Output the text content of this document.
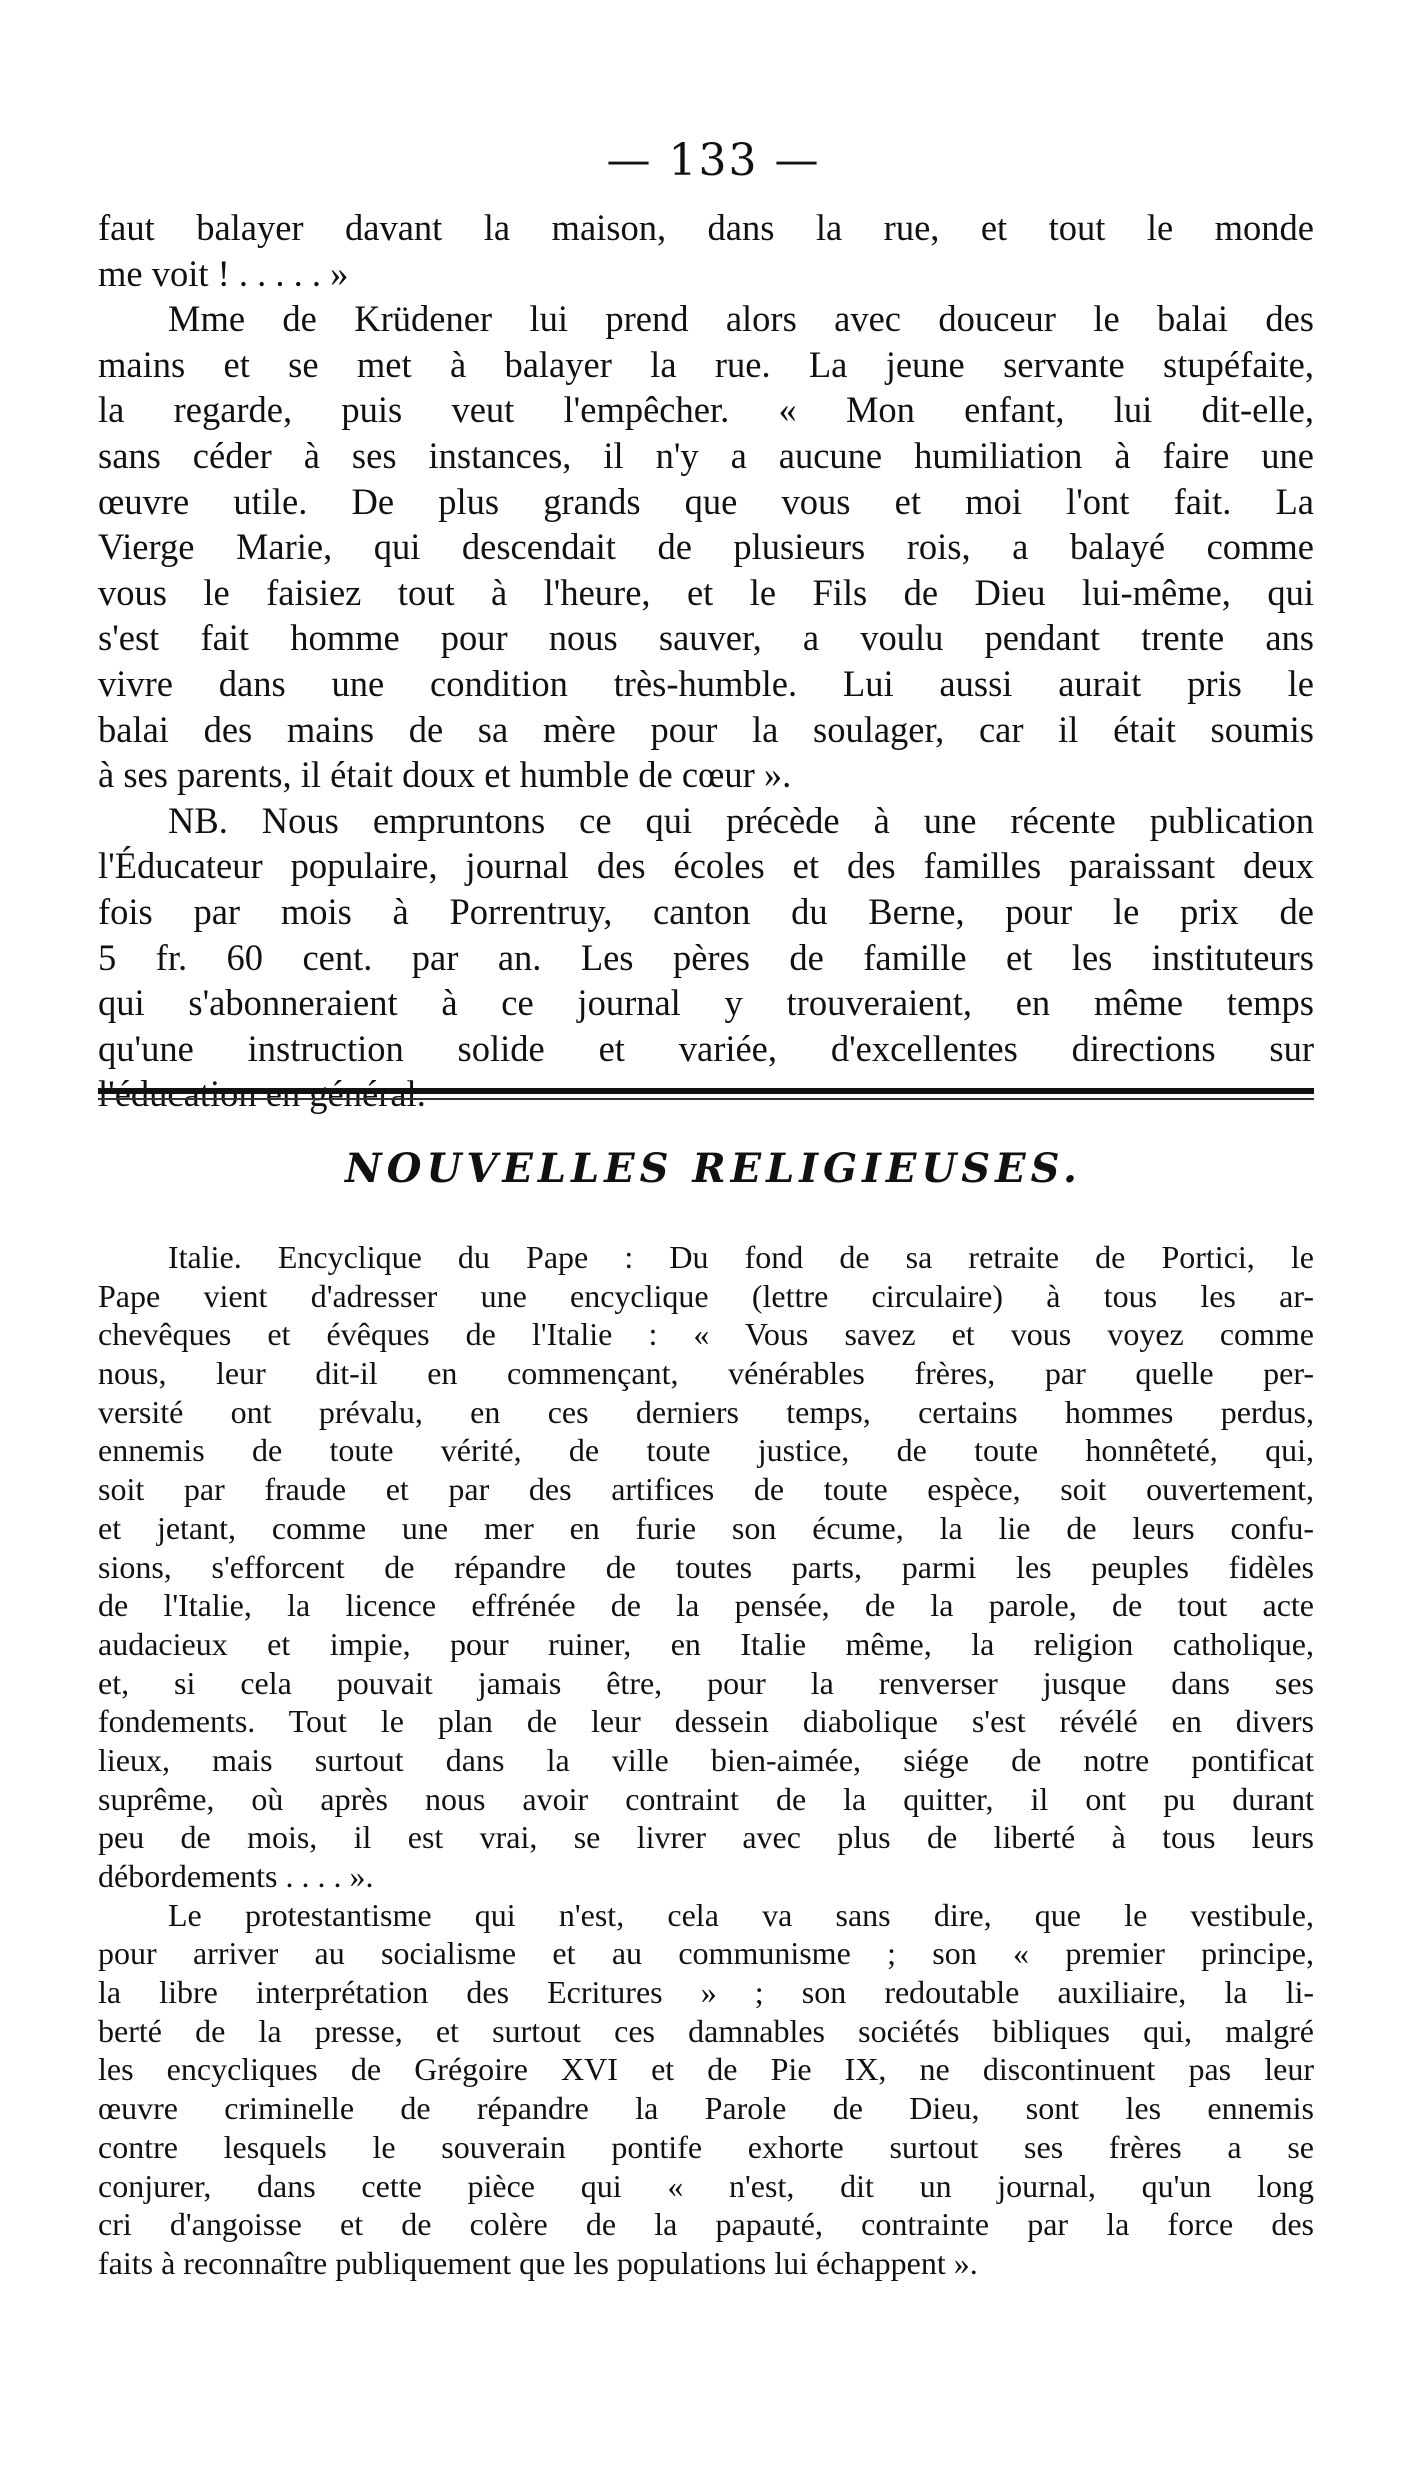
— 133 —
faut balayer davant la maison, dans la rue, et tout le monde
me voit ! . . . . . »
Mme de Krüdener lui prend alors avec douceur le balai des
mains et se met à balayer la rue. La jeune servante stupéfaite,
la regarde, puis veut l'empêcher. « Mon enfant, lui dit-elle,
sans céder à ses instances, il n'y a aucune humiliation à faire une
œuvre utile. De plus grands que vous et moi l'ont fait. La
Vierge Marie, qui descendait de plusieurs rois, a balayé comme
vous le faisiez tout à l'heure, et le Fils de Dieu lui-même, qui
s'est fait homme pour nous sauver, a voulu pendant trente ans
vivre dans une condition très-humble. Lui aussi aurait pris le
balai des mains de sa mère pour la soulager, car il était soumis
à ses parents, il était doux et humble de cœur ».
NB. Nous empruntons ce qui précède à une récente publication
l'Éducateur populaire, journal des écoles et des familles paraissant deux
fois par mois à Porrentruy, canton du Berne, pour le prix de
5 fr. 60 cent. par an. Les pères de famille et les instituteurs
qui s'abonneraient à ce journal y trouveraient, en même temps
qu'une instruction solide et variée, d'excellentes directions sur
NOUVELLES RELIGIEUSES.
Italie. Encyclique du Pape : Du fond de sa retraite de Portici, le
Pape vient d'adresser une encyclique (lettre circulaire) à tous les ar-
chevêques et évêques de l'Italie : « Vous savez et vous voyez comme
nous, leur dit-il en commençant, vénérables frères, par quelle per-
versité ont prévalu, en ces derniers temps, certains hommes perdus,
ennemis de toute vérité, de toute justice, de toute honnêteté, qui,
soit par fraude et par des artifices de toute espèce, soit ouvertement,
et jetant, comme une mer en furie son écume, la lie de leurs confu-
sions, s'efforcent de répandre de toutes parts, parmi les peuples fidèles
de l'Italie, la licence effrénée de la pensée, de la parole, de tout acte
audacieux et impie, pour ruiner, en Italie même, la religion catholique,
et, si cela pouvait jamais être, pour la renverser jusque dans ses
fondements. Tout le plan de leur dessein diabolique s'est révélé en divers
lieux, mais surtout dans la ville bien-aimée, siége de notre pontificat
suprême, où après nous avoir contraint de la quitter, il ont pu durant
peu de mois, il est vrai, se livrer avec plus de liberté à tous leurs
débordements . . . . ».
Le protestantisme qui n'est, cela va sans dire, que le vestibule,
pour arriver au socialisme et au communisme ; son « premier principe,
la libre interprétation des Ecritures » ; son redoutable auxiliaire, la li-
berté de la presse, et surtout ces damnables sociétés bibliques qui, malgré
les encycliques de Grégoire XVI et de Pie IX, ne discontinuent pas leur
œuvre criminelle de répandre la Parole de Dieu, sont les ennemis
contre lesquels le souverain pontife exhorte surtout ses frères a se
conjurer, dans cette pièce qui « n'est, dit un journal, qu'un long
cri d'angoisse et de colère de la papauté, contrainte par la force des
faits à reconnaître publiquement que les populations lui échappent ».
